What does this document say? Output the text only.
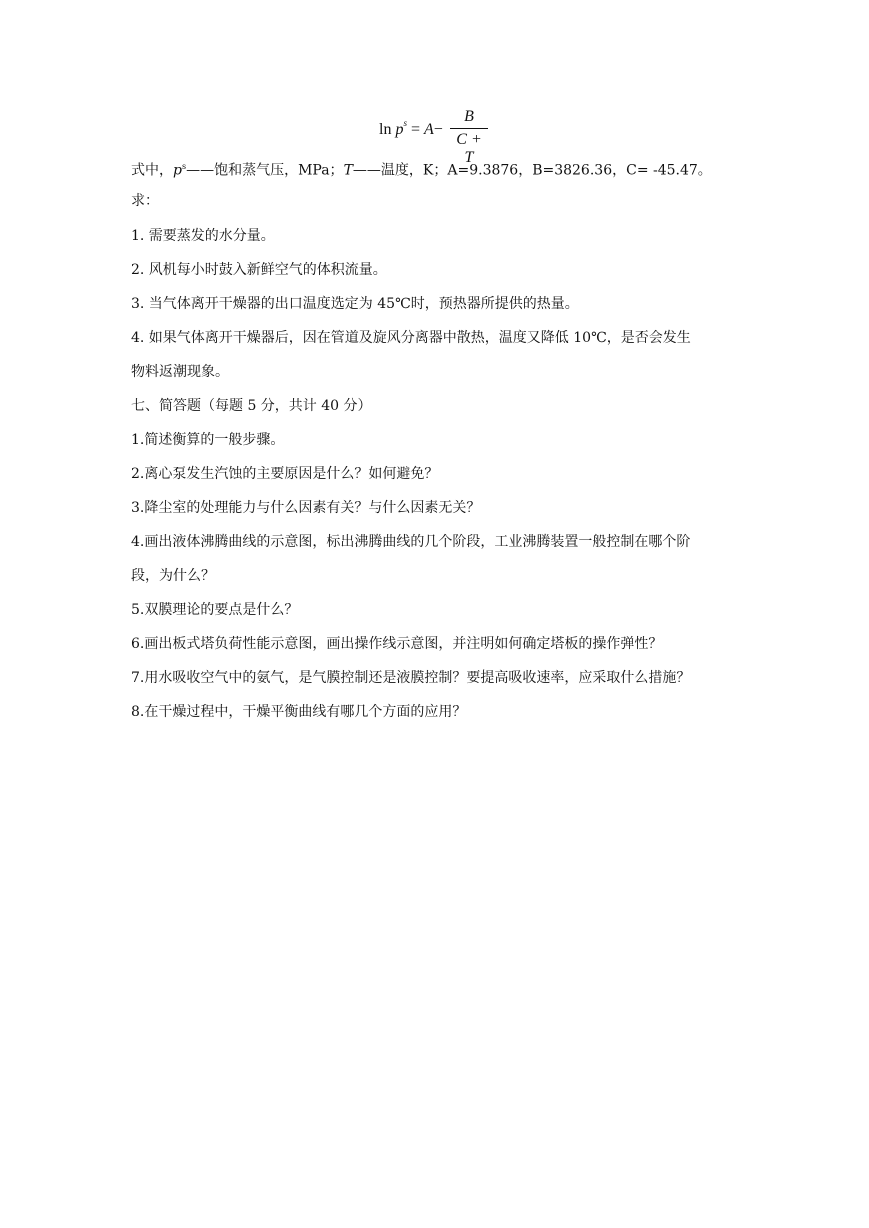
$\ln p^s = A-$
B
C + T
式中，$p^s——$饱和蒸气压，MPa；T——温度，K；A=9.3876，B=3826.36，C= -45.47。
求：
1. 需要蒸发的水分量。
2. 风机每小时鼓入新鲜空气的体积流量。
3. 当气体离开干燥器的出口温度选定为 45℃时，预热器所提供的热量。
4. 如果气体离开干燥器后，因在管道及旋风分离器中散热，温度又降低 10℃，是否会发生
物料返潮现象。
七、简答题（每题 5 分，共计 40 分）
1.简述衡算的一般步骤。
2.离心泵发生汽蚀的主要原因是什么？如何避免？
3.降尘室的处理能力与什么因素有关？与什么因素无关？
4.画出液体沸腾曲线的示意图，标出沸腾曲线的几个阶段，工业沸腾装置一般控制在哪个阶
段，为什么？
5.双膜理论的要点是什么？
6.画出板式塔负荷性能示意图，画出操作线示意图，并注明如何确定塔板的操作弹性？
7.用水吸收空气中的氨气，是气膜控制还是液膜控制？要提高吸收速率，应采取什么措施？
8.在干燥过程中，干燥平衡曲线有哪几个方面的应用？
